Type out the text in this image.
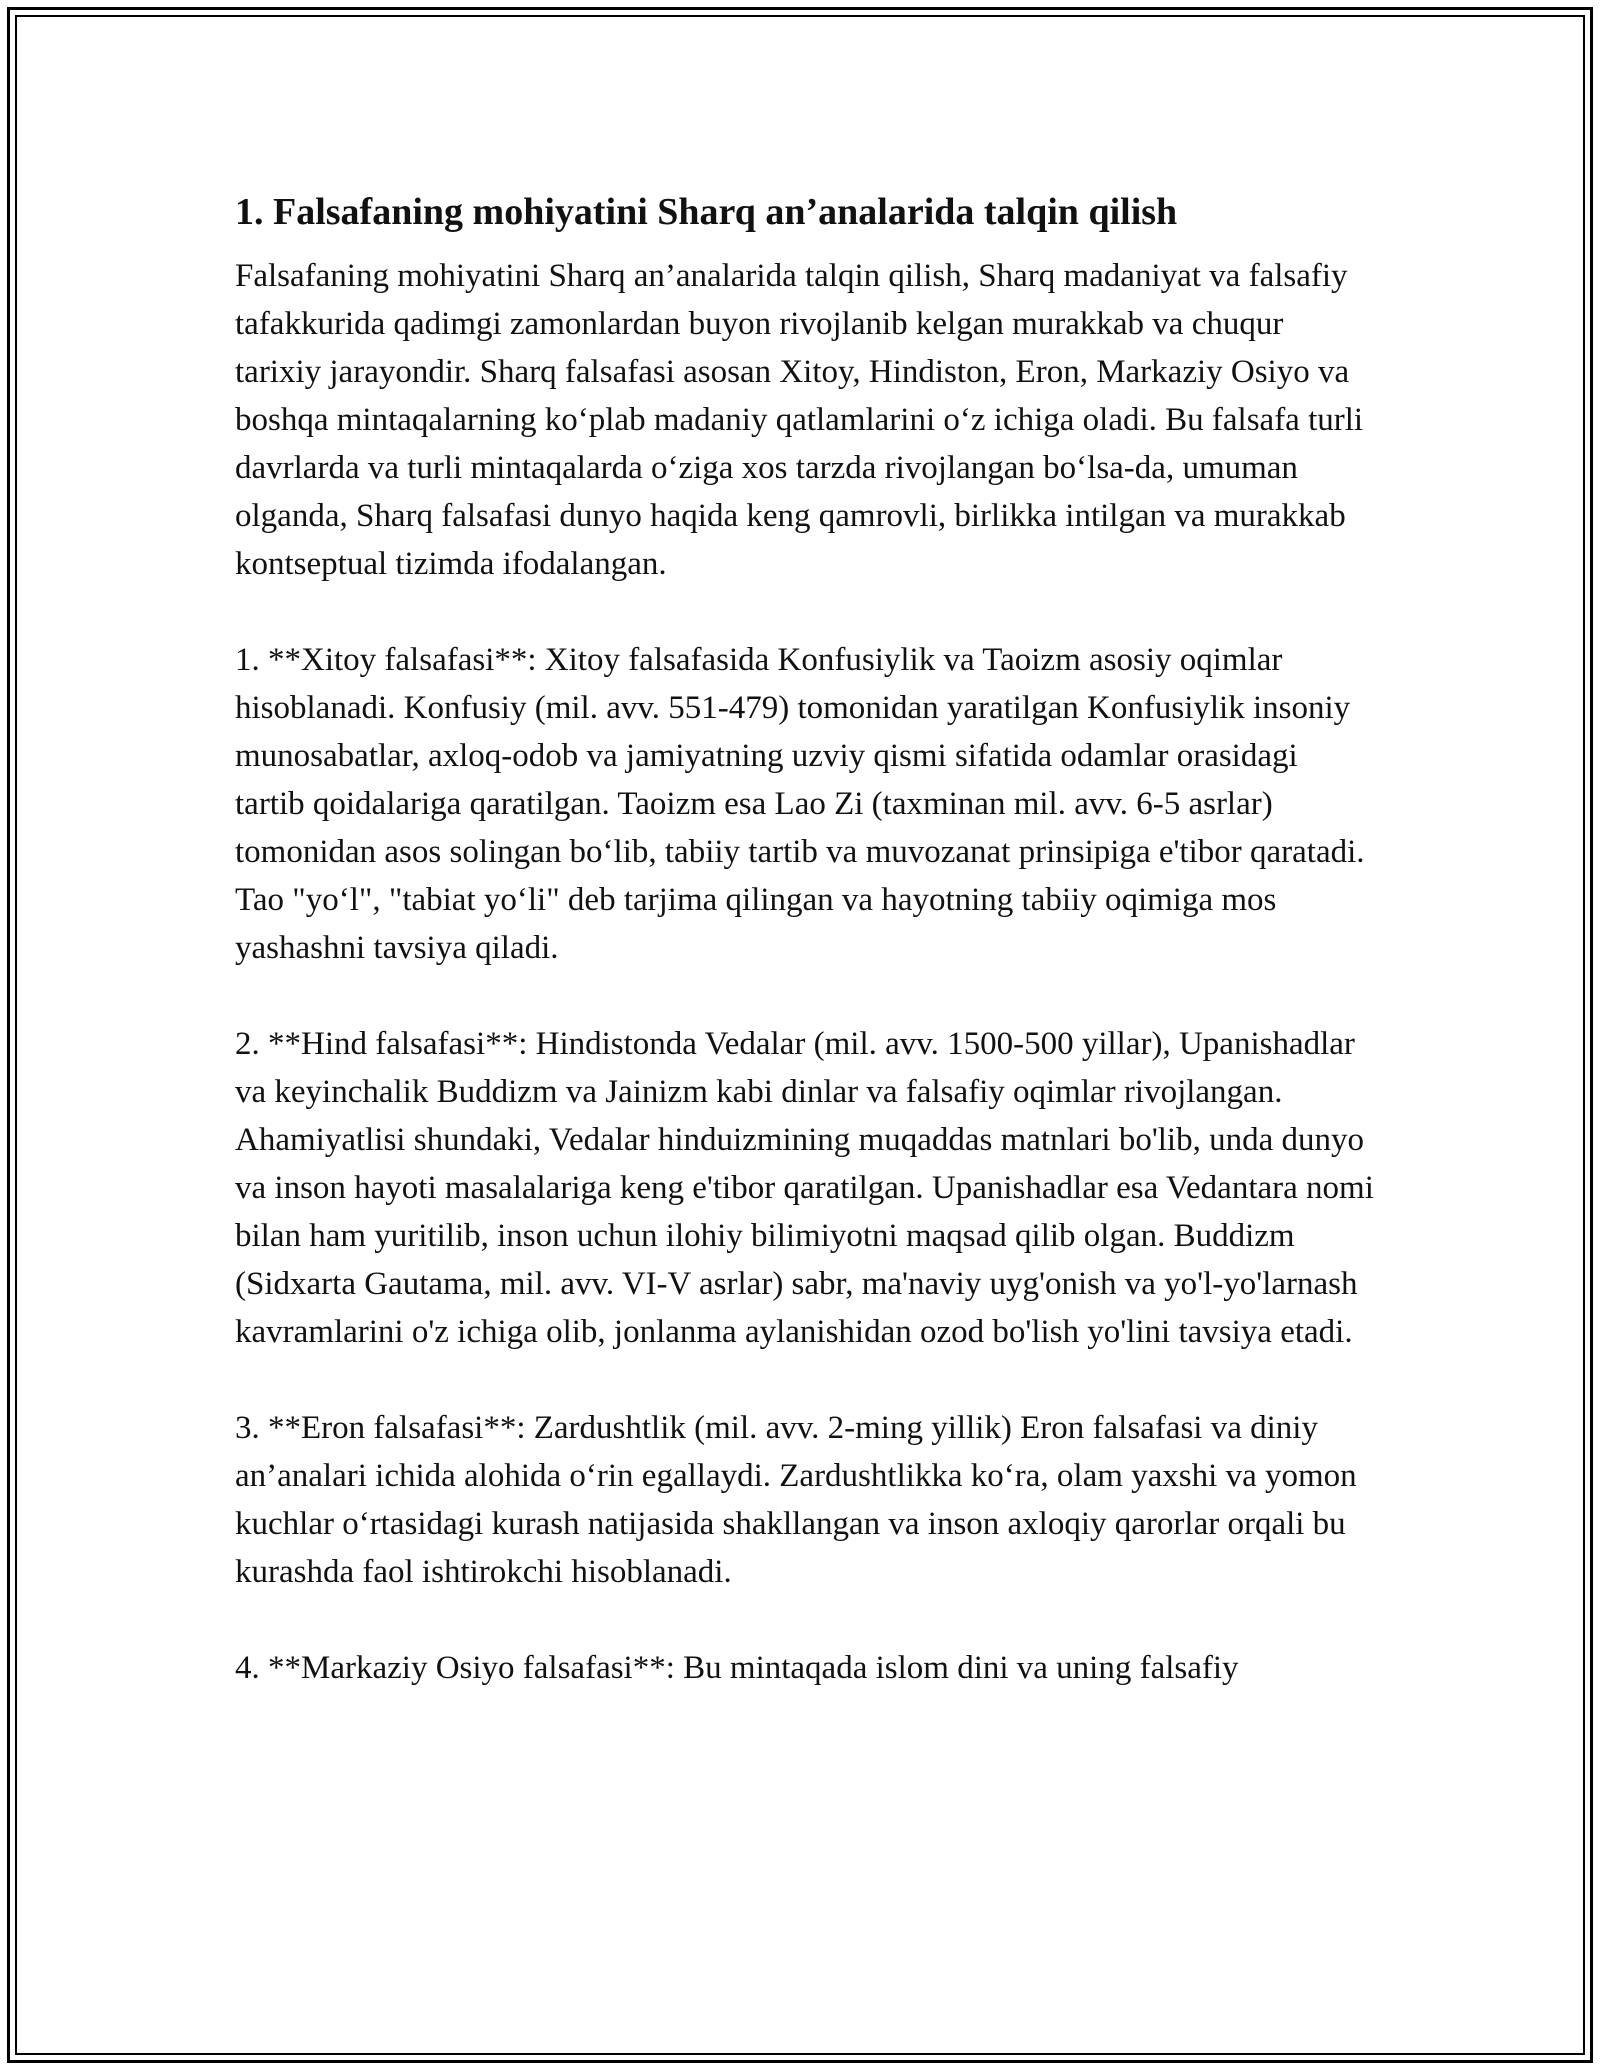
1. Falsafaning mohiyatini Sharq an’analarida talqin qilish

Falsafaning mohiyatini Sharq an’analarida talqin qilish, Sharq madaniyat va falsafiy tafakkurida qadimgi zamonlardan buyon rivojlanib kelgan murakkab va chuqur tarixiy jarayondir. Sharq falsafasi asosan Xitoy, Hindiston, Eron, Markaziy Osiyo va boshqa mintaqalarning ko‘plab madaniy qatlamlarini o‘z ichiga oladi. Bu falsafa turli davrlarda va turli mintaqalarda o‘ziga xos tarzda rivojlangan bo‘lsa-da, umuman olganda, Sharq falsafasi dunyo haqida keng qamrovli, birlikka intilgan va murakkab kontseptual tizimda ifodalangan.

1. **Xitoy falsafasi**: Xitoy falsafasida Konfusiylik va Taoizm asosiy oqimlar hisoblanadi. Konfusiy (mil. avv. 551-479) tomonidan yaratilgan Konfusiylik insoniy munosabatlar, axloq-odob va jamiyatning uzviy qismi sifatida odamlar orasidagi tartib qoidalariga qaratilgan. Taoizm esa Lao Zi (taxminan mil. avv. 6-5 asrlar) tomonidan asos solingan bo‘lib, tabiiy tartib va muvozanat prinsipiga e'tibor qaratadi. Tao "yo‘l", "tabiat yo‘li" deb tarjima qilingan va hayotning tabiiy oqimiga mos yashashni tavsiya qiladi.

2. **Hind falsafasi**: Hindistonda Vedalar (mil. avv. 1500-500 yillar), Upanishadlar va keyinchalik Buddizm va Jainizm kabi dinlar va falsafiy oqimlar rivojlangan. Ahamiyatlisi shundaki, Vedalar hinduizmining muqaddas matnlari bo'lib, unda dunyo va inson hayoti masalalariga keng e'tibor qaratilgan. Upanishadlar esa Vedantara nomi bilan ham yuritilib, inson uchun ilohiy bilimiyotni maqsad qilib olgan. Buddizm (Sidxarta Gautama, mil. avv. VI-V asrlar) sabr, ma'naviy uyg'onish va yo'l-yo'larnash kavramlarini o'z ichiga olib, jonlanma aylanishidan ozod bo'lish yo'lini tavsiya etadi.

3. **Eron falsafasi**: Zardushtlik (mil. avv. 2-ming yillik) Eron falsafasi va diniy an’analari ichida alohida o‘rin egallaydi. Zardushtlikka ko‘ra, olam yaxshi va yomon kuchlar o‘rtasidagi kurash natijasida shakllangan va inson axloqiy qarorlar orqali bu kurashda faol ishtirokchi hisoblanadi.

4. **Markaziy Osiyo falsafasi**: Bu mintaqada islom dini va uning falsafiy
